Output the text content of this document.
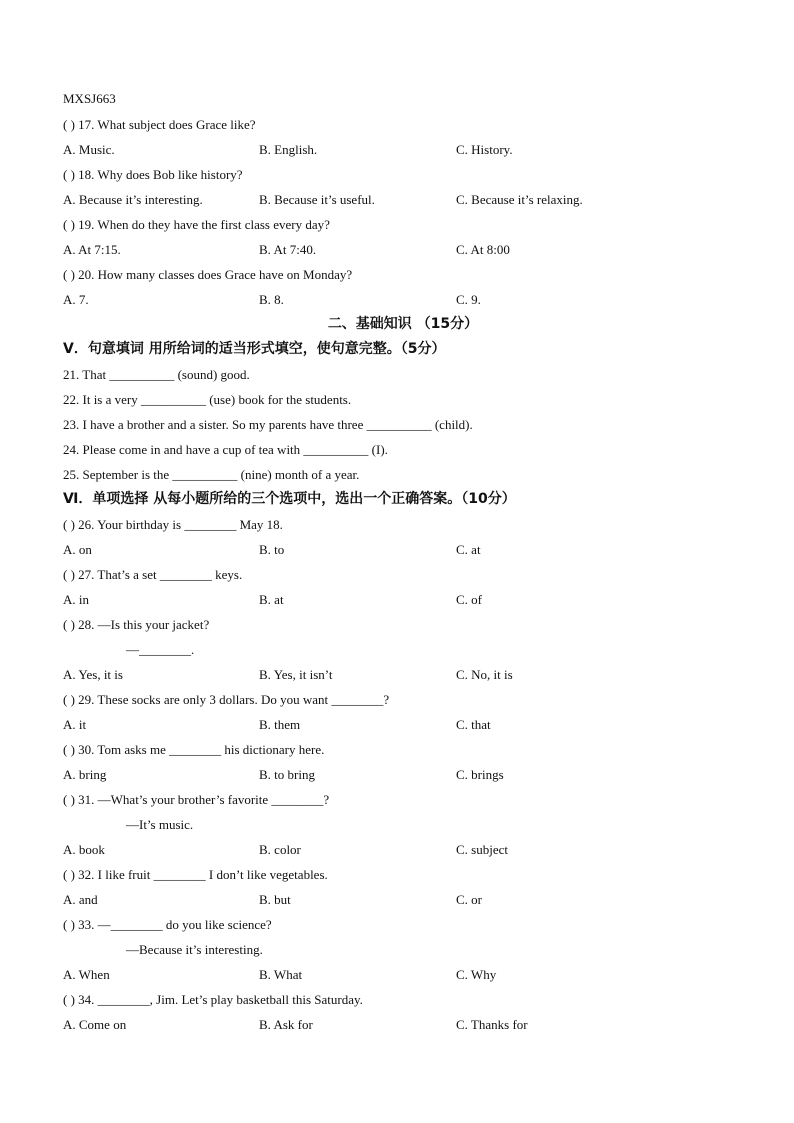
MXSJ663
( ) 17. What subject does Grace like?
A. Music.	B. English.	C. History.
( ) 18. Why does Bob like history?
A. Because it’s interesting.	B. Because it’s useful.	C. Because it’s relaxing.
( ) 19. When do they have the first class every day?
A. At 7:15.	B. At 7:40.	C. At 8:00
( ) 20. How many classes does Grace have on Monday?
A. 7.	B. 8.	C. 9.
二、基础知识 （15分）
Ⅴ．句意填词 用所给词的适当形式填空，使句意完整。（5分）
21. That __________ (sound) good.
22. It is a very __________ (use) book for the students.
23. I have a brother and a sister. So my parents have three __________ (child).
24. Please come in and have a cup of tea with __________ (I).
25. September is the __________ (nine) month of a year.
Ⅵ．单项选择 从每小题所给的三个选项中，选出一个正确答案。（10分）
( ) 26. Your birthday is ________ May 18.
A. on	B. to	C. at
( ) 27. That’s a set ________ keys.
A. in	B. at	C. of
( ) 28. —Is this your jacket?
—________.
A. Yes, it is	B. Yes, it isn’t	C. No, it is
( ) 29. These socks are only 3 dollars. Do you want ________?
A. it	B. them	C. that
( ) 30. Tom asks me ________ his dictionary here.
A. bring	B. to bring	C. brings
( ) 31. —What’s your brother’s favorite ________?
—It’s music.
A. book	B. color	C. subject
( ) 32. I like fruit ________ I don’t like vegetables.
A. and	B. but	C. or
( ) 33. —________ do you like science?
—Because it’s interesting.
A. When	B. What	C. Why
( ) 34. ________, Jim. Let’s play basketball this Saturday.
A. Come on	B. Ask for	C. Thanks for
